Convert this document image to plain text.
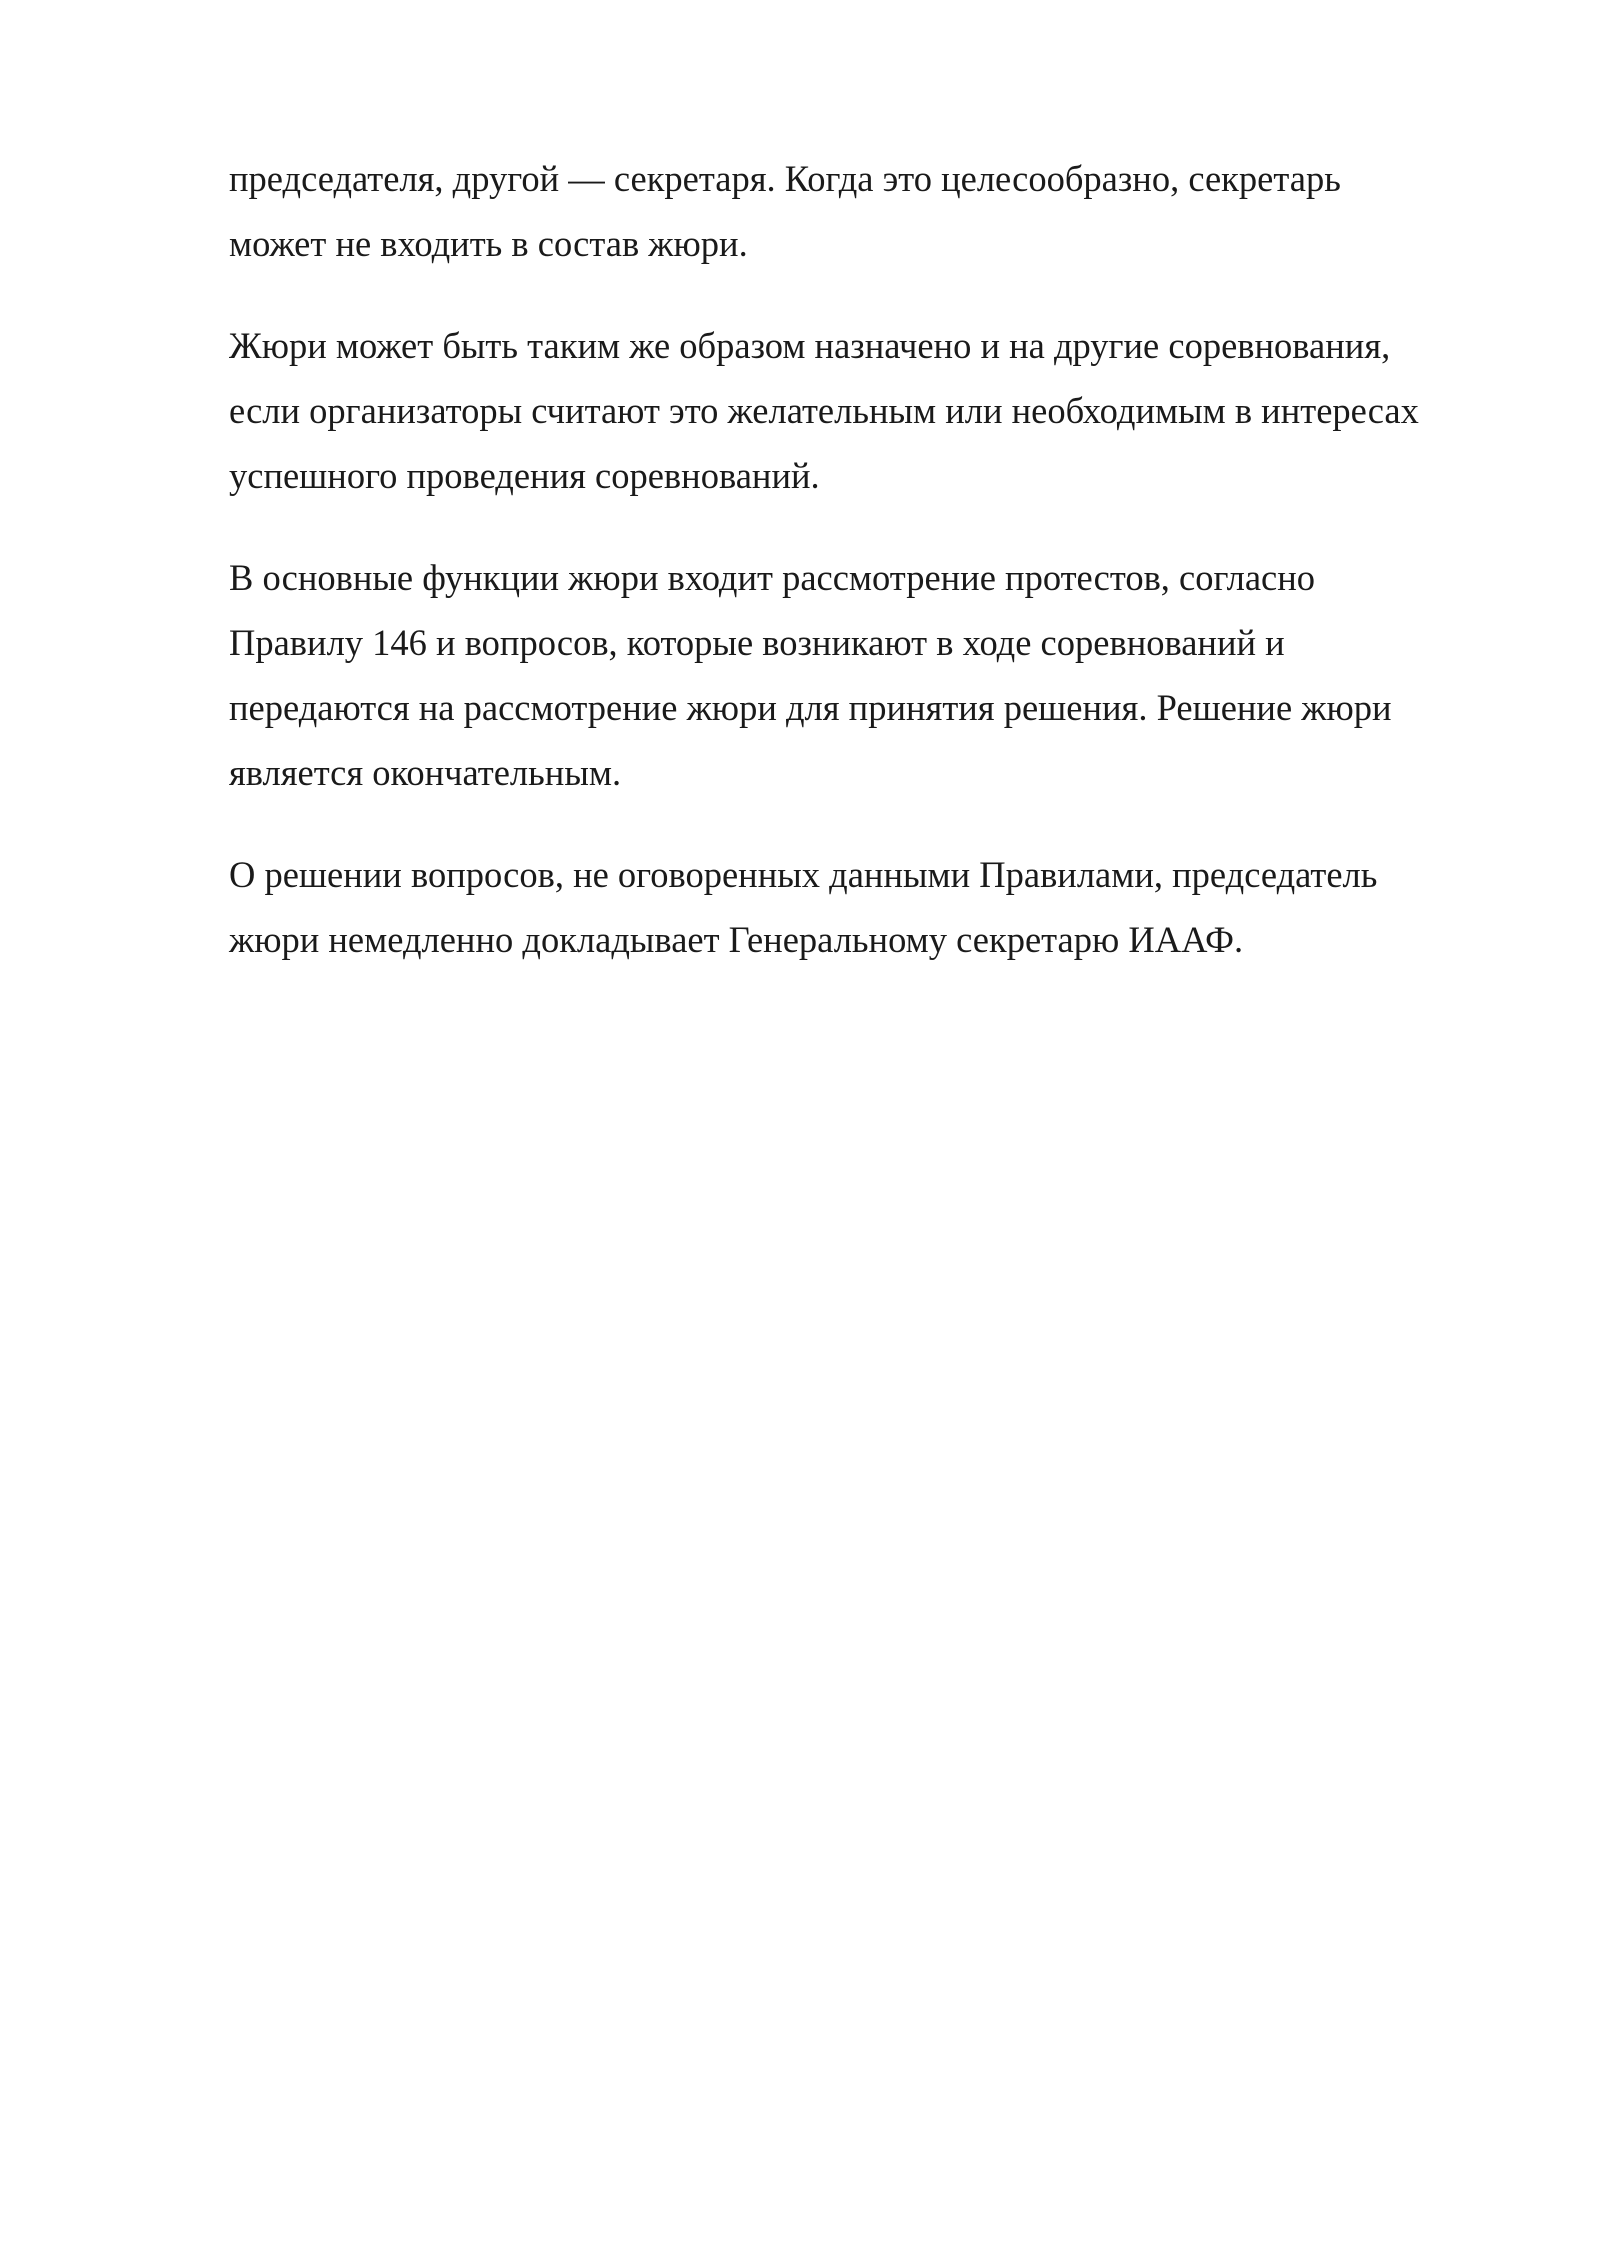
председателя, другой — секретаря. Когда это целесообразно, секретарь
может не входить в состав жюри.

Жюри может быть таким же образом назначено и на другие соревнования,
если организаторы считают это желательным или необходимым в интересах
успешного проведения соревнований.

В основные функции жюри входит рассмотрение протестов, согласно
Правилу 146 и вопросов, которые возникают в ходе соревнований и
передаются на рассмотрение жюри для принятия решения. Решение жюри
является окончательным.

О решении вопросов, не оговоренных данными Правилами, председатель
жюри немедленно докладывает Генеральному секретарю ИААФ.
